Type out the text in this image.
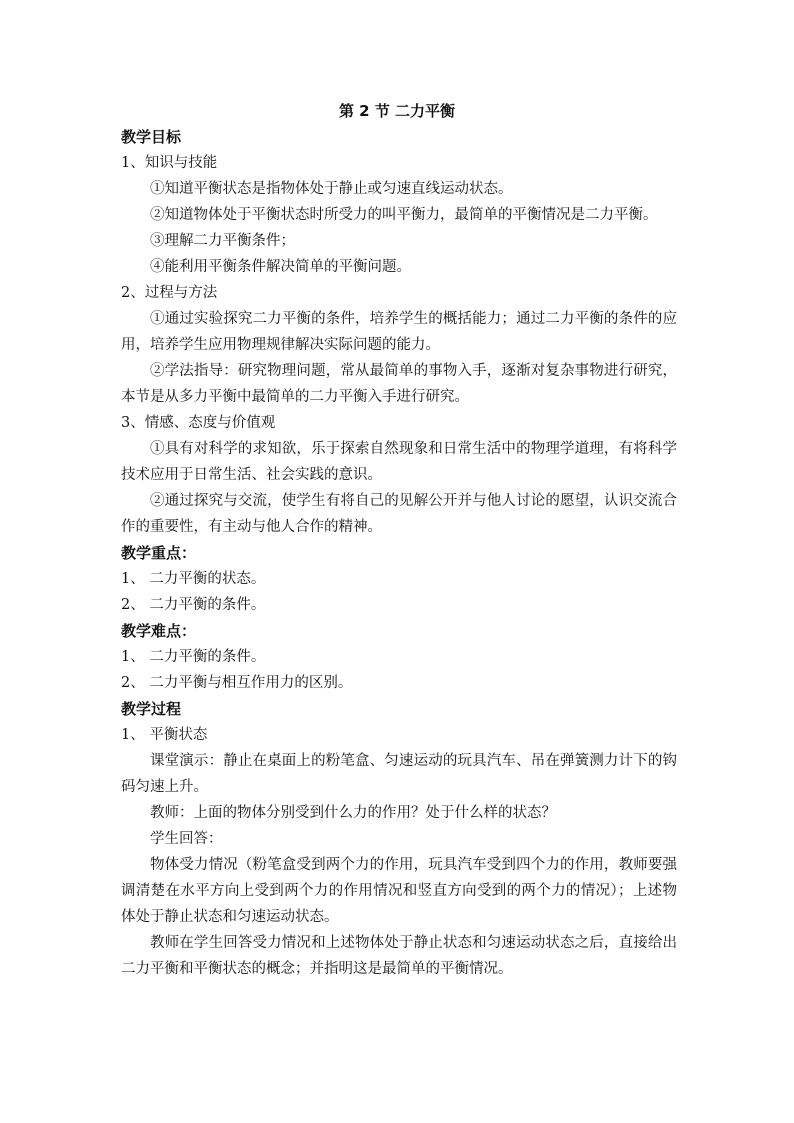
第 2 节 二力平衡

教学目标

1、知识与技能

①知道平衡状态是指物体处于静止或匀速直线运动状态。

②知道物体处于平衡状态时所受力的叫平衡力，最简单的平衡情况是二力平衡。

③理解二力平衡条件；

④能利用平衡条件解决简单的平衡问题。

2、过程与方法

①通过实验探究二力平衡的条件，培养学生的概括能力；通过二力平衡的条件的应用，培养学生应用物理规律解决实际问题的能力。

②学法指导：研究物理问题，常从最简单的事物入手，逐渐对复杂事物进行研究，本节是从多力平衡中最简单的二力平衡入手进行研究。

3、情感、态度与价值观

①具有对科学的求知欲，乐于探索自然现象和日常生活中的物理学道理，有将科学技术应用于日常生活、社会实践的意识。

②通过探究与交流，使学生有将自己的见解公开并与他人讨论的愿望，认识交流合作的重要性，有主动与他人合作的精神。

教学重点：

1、 二力平衡的状态。

2、 二力平衡的条件。

教学难点：

1、 二力平衡的条件。

2、 二力平衡与相互作用力的区别。

教学过程

1、 平衡状态

课堂演示：静止在桌面上的粉笔盒、匀速运动的玩具汽车、吊在弹簧测力计下的钩码匀速上升。

教师：上面的物体分别受到什么力的作用？处于什么样的状态？

学生回答：

物体受力情况（粉笔盒受到两个力的作用，玩具汽车受到四个力的作用，教师要强调清楚在水平方向上受到两个力的作用情况和竖直方向受到的两个力的情况）；上述物体处于静止状态和匀速运动状态。

教师在学生回答受力情况和上述物体处于静止状态和匀速运动状态之后，直接给出二力平衡和平衡状态的概念；并指明这是最简单的平衡情况。
